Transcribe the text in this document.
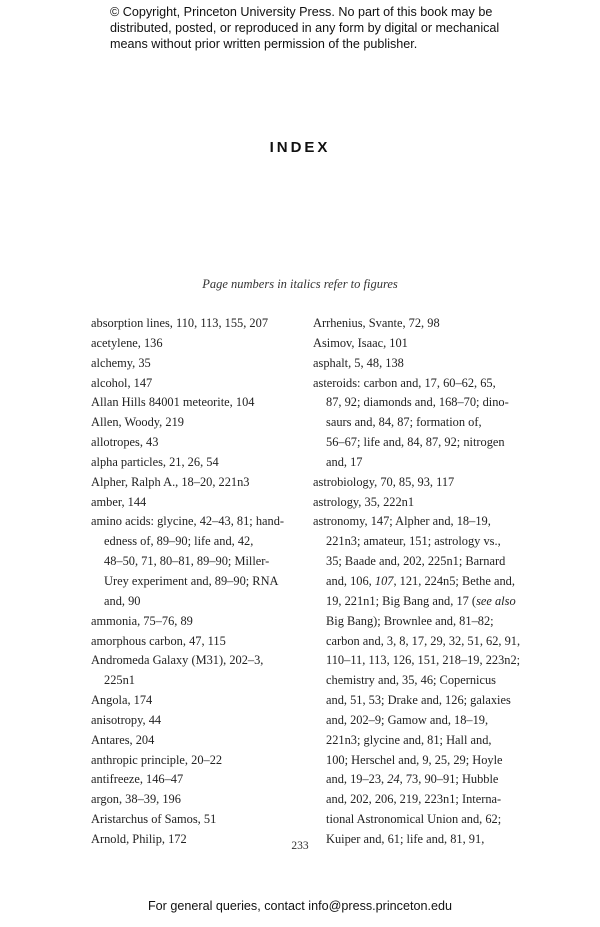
© Copyright, Princeton University Press. No part of this book may be
distributed, posted, or reproduced in any form by digital or mechanical
means without prior written permission of the publisher.
INDEX
Page numbers in italics refer to figures
absorption lines, 110, 113, 155, 207
acetylene, 136
alchemy, 35
alcohol, 147
Allan Hills 84001 meteorite, 104
Allen, Woody, 219
allotropes, 43
alpha particles, 21, 26, 54
Alpher, Ralph A., 18–20, 221n3
amber, 144
amino acids: glycine, 42–43, 81; hand-
edness of, 89–90; life and, 42,
48–50, 71, 80–81, 89–90; Miller-
Urey experiment and, 89–90; RNA
and, 90
ammonia, 75–76, 89
amorphous carbon, 47, 115
Andromeda Galaxy (M31), 202–3,
225n1
Angola, 174
anisotropy, 44
Antares, 204
anthropic principle, 20–22
antifreeze, 146–47
argon, 38–39, 196
Aristarchus of Samos, 51
Arnold, Philip, 172
Arrhenius, Svante, 72, 98
Asimov, Isaac, 101
asphalt, 5, 48, 138
asteroids: carbon and, 17, 60–62, 65,
87, 92; diamonds and, 168–70; dino-
saurs and, 84, 87; formation of,
56–67; life and, 84, 87, 92; nitrogen
and, 17
astrobiology, 70, 85, 93, 117
astrology, 35, 222n1
astronomy, 147; Alpher and, 18–19,
221n3; amateur, 151; astrology vs.,
35; Baade and, 202, 225n1; Barnard
and, 106, 107, 121, 224n5; Bethe and,
19, 221n1; Big Bang and, 17 (see also
Big Bang); Brownlee and, 81–82;
carbon and, 3, 8, 17, 29, 32, 51, 62, 91,
110–11, 113, 126, 151, 218–19, 223n2;
chemistry and, 35, 46; Copernicus
and, 51, 53; Drake and, 126; galaxies
and, 202–9; Gamow and, 18–19,
221n3; glycine and, 81; Hall and,
100; Herschel and, 9, 25, 29; Hoyle
and, 19–23, 24, 73, 90–91; Hubble
and, 202, 206, 219, 223n1; Interna-
tional Astronomical Union and, 62;
Kuiper and, 61; life and, 81, 91,
233
For general queries, contact info@press.princeton.edu
